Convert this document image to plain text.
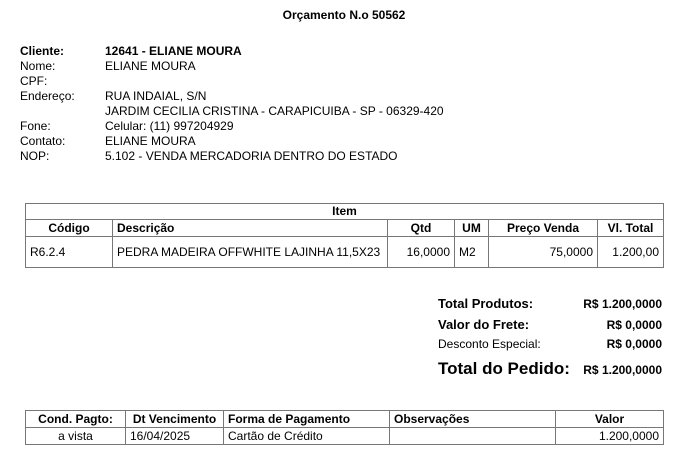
Orçamento N.o 50562
Cliente:	12641 - ELIANE MOURA
Nome:	ELIANE MOURA
CPF:
Endereço:	RUA INDAIAL, S/N
JARDIM CECILIA CRISTINA - CARAPICUIBA - SP - 06329-420
Fone:	Celular: (11) 997204929
Contato:	ELIANE MOURA
NOP:	5.102 - VENDA MERCADORIA DENTRO DO ESTADO
Item					
Código	Descrição	Qtd	UM	Preço Venda	Vl. Total
R6.2.4	PEDRA MADEIRA OFFWHITE LAJINHA 11,5X23	16,0000	M2	75,0000	1.200,00
Total Produtos:	R$ 1.200,0000
Valor do Frete:	R$ 0,0000
Desconto Especial:	R$ 0,0000
Total do Pedido: R$ 1.200,0000
Cond. Pagto:	Dt Vencimento	Forma de Pagamento	Observações	Valor
a vista	16/04/2025	Cartão de Crédito		1.200,0000
